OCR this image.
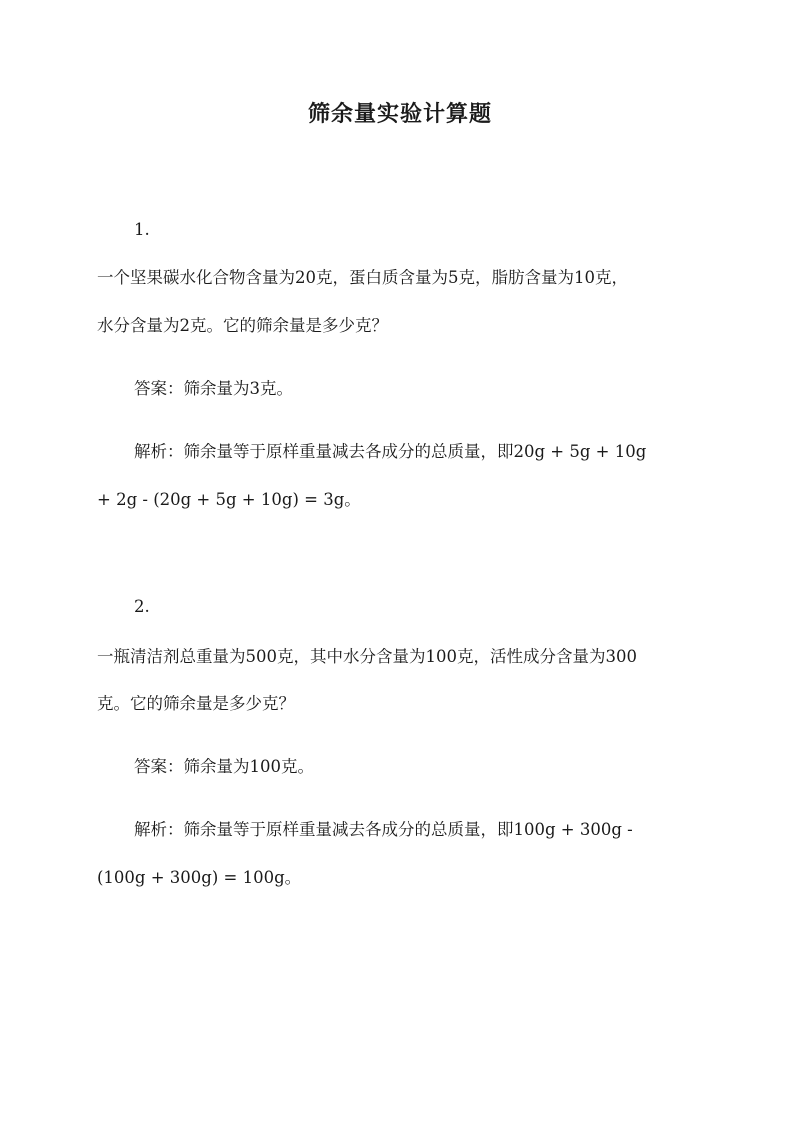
筛余量实验计算题
1.
一个坚果碳水化合物含量为20克，蛋白质含量为5克，脂肪含量为10克，
水分含量为2克。它的筛余量是多少克？
答案：筛余量为3克。
解析：筛余量等于原样重量减去各成分的总质量，即20g + 5g + 10g
+ 2g - (20g + 5g + 10g) = 3g。
2.
一瓶清洁剂总重量为500克，其中水分含量为100克，活性成分含量为300
克。它的筛余量是多少克？
答案：筛余量为100克。
解析：筛余量等于原样重量减去各成分的总质量，即100g + 300g -
(100g + 300g) = 100g。
